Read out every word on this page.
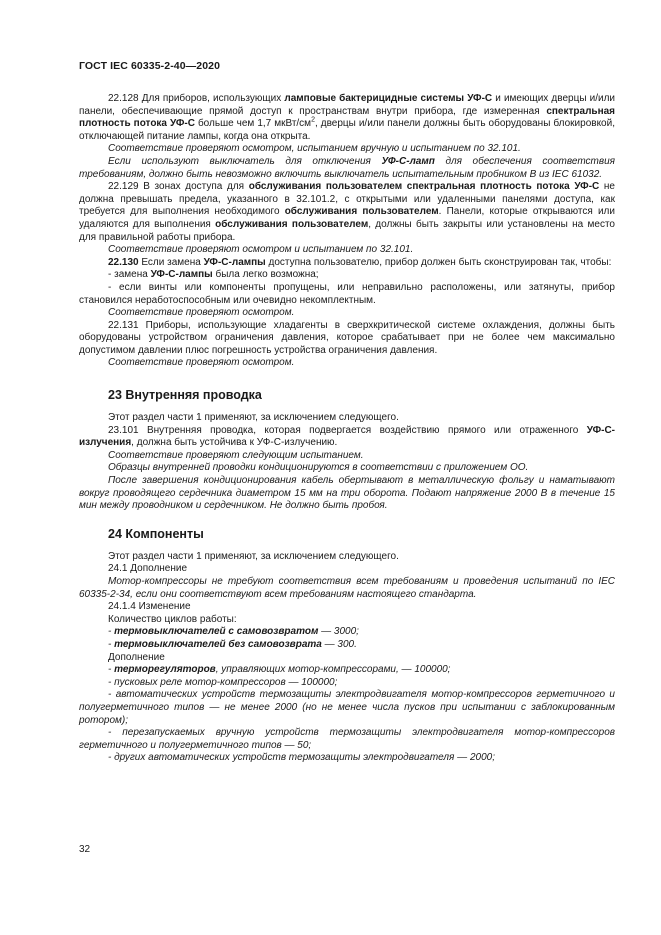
ГОСТ IEC 60335-2-40—2020

22.128 Для приборов, использующих ламповые бактерицидные системы УФ-С и имеющих дверцы и/или панели, обеспечивающие прямой доступ к пространствам внутри прибора, где измеренная спектральная плотность потока УФ-С больше чем 1,7 мкВт/$см^2$, дверцы и/или панели должны быть оборудованы блокировкой, отключающей питание лампы, когда она открыта.

Соответствие проверяют осмотром, испытанием вручную и испытанием по 32.101.

Если используют выключатель для отключения УФ-С-ламп для обеспечения соответствия требованиям, должно быть невозможно включить выключатель испытательным пробником В из IEC 61032.

22.129 В зонах доступа для обслуживания пользователем спектральная плотность потока УФ-С не должна превышать предела, указанного в 32.101.2, с открытыми или удаленными панелями доступа, как требуется для выполнения необходимого обслуживания пользователем. Панели, которые открываются или удаляются для выполнения обслуживания пользователем, должны быть закрыты или установлены на место для правильной работы прибора.

Соответствие проверяют осмотром и испытанием по 32.101.

22.130 Если замена УФ-С-лампы доступна пользователю, прибор должен быть сконструирован так, чтобы:

- замена УФ-С-лампы была легко возможна;

- если винты или компоненты пропущены, или неправильно расположены, или затянуты, прибор становился неработоспособным или очевидно некомплектным.

Соответствие проверяют осмотром.

22.131 Приборы, использующие хладагенты в сверхкритической системе охлаждения, должны быть оборудованы устройством ограничения давления, которое срабатывает при не более чем максимально допустимом давлении плюс погрешность устройства ограничения давления.

Соответствие проверяют осмотром.

23 Внутренняя проводка

Этот раздел части 1 применяют, за исключением следующего.

23.101 Внутренняя проводка, которая подвергается воздействию прямого или отраженного УФ-С-излучения, должна быть устойчива к УФ-С-излучению.

Соответствие проверяют следующим испытанием.

Образцы внутренней проводки кондиционируются в соответствии с приложением ОО.

После завершения кондиционирования кабель обертывают в металлическую фольгу и наматывают вокруг проводящего сердечника диаметром 15 мм на три оборота. Подают напряжение 2000 В в течение 15 мин между проводником и сердечником. Не должно быть пробоя.

24 Компоненты

Этот раздел части 1 применяют, за исключением следующего.

24.1 Дополнение

Мотор-компрессоры не требуют соответствия всем требованиям и проведения испытаний по IEC 60335-2-34, если они соответствуют всем требованиям настоящего стандарта.

24.1.4 Изменение

Количество циклов работы:

- термовыключателей с самовозвратом — 3000;

- термовыключателей без самовозврата — 300.

Дополнение

- терморегуляторов, управляющих мотор-компрессорами, — 100000;

- пусковых реле мотор-компрессоров — 100000;

- автоматических устройств термозащиты электродвигателя мотор-компрессоров герметичного и полугерметичного типов — не менее 2000 (но не менее числа пусков при испытании с заблокированным ротором);

- перезапускаемых вручную устройств термозащиты электродвигателя мотор-компрессоров герметичного и полугерметичного типов — 50;

- других автоматических устройств термозащиты электродвигателя — 2000;

32
